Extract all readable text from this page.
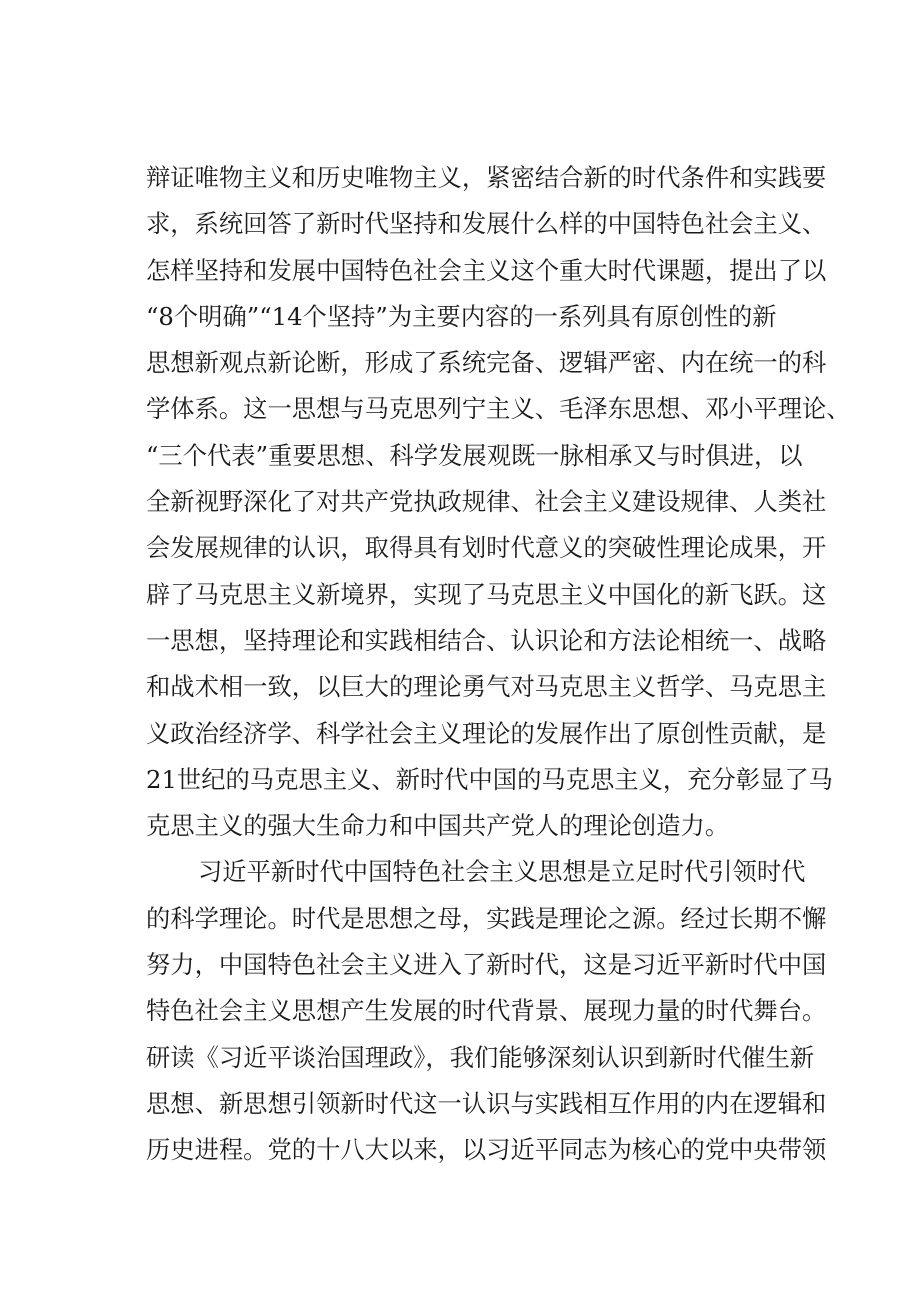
辩证唯物主义和历史唯物主义，紧密结合新的时代条件和实践要
求，系统回答了新时代坚持和发展什么样的中国特色社会主义、
怎样坚持和发展中国特色社会主义这个重大时代课题，提出了以
“8个明确”“14个坚持”为主要内容的一系列具有原创性的新
思想新观点新论断，形成了系统完备、逻辑严密、内在统一的科
学体系。这一思想与马克思列宁主义、毛泽东思想、邓小平理论、
“三个代表”重要思想、科学发展观既一脉相承又与时俱进，以
全新视野深化了对共产党执政规律、社会主义建设规律、人类社
会发展规律的认识，取得具有划时代意义的突破性理论成果，开
辟了马克思主义新境界，实现了马克思主义中国化的新飞跃。这
一思想，坚持理论和实践相结合、认识论和方法论相统一、战略
和战术相一致，以巨大的理论勇气对马克思主义哲学、马克思主
义政治经济学、科学社会主义理论的发展作出了原创性贡献，是
21世纪的马克思主义、新时代中国的马克思主义，充分彰显了马
克思主义的强大生命力和中国共产党人的理论创造力。
习近平新时代中国特色社会主义思想是立足时代引领时代
的科学理论。时代是思想之母，实践是理论之源。经过长期不懈
努力，中国特色社会主义进入了新时代，这是习近平新时代中国
特色社会主义思想产生发展的时代背景、展现力量的时代舞台。
研读《习近平谈治国理政》，我们能够深刻认识到新时代催生新
思想、新思想引领新时代这一认识与实践相互作用的内在逻辑和
历史进程。党的十八大以来，以习近平同志为核心的党中央带领
